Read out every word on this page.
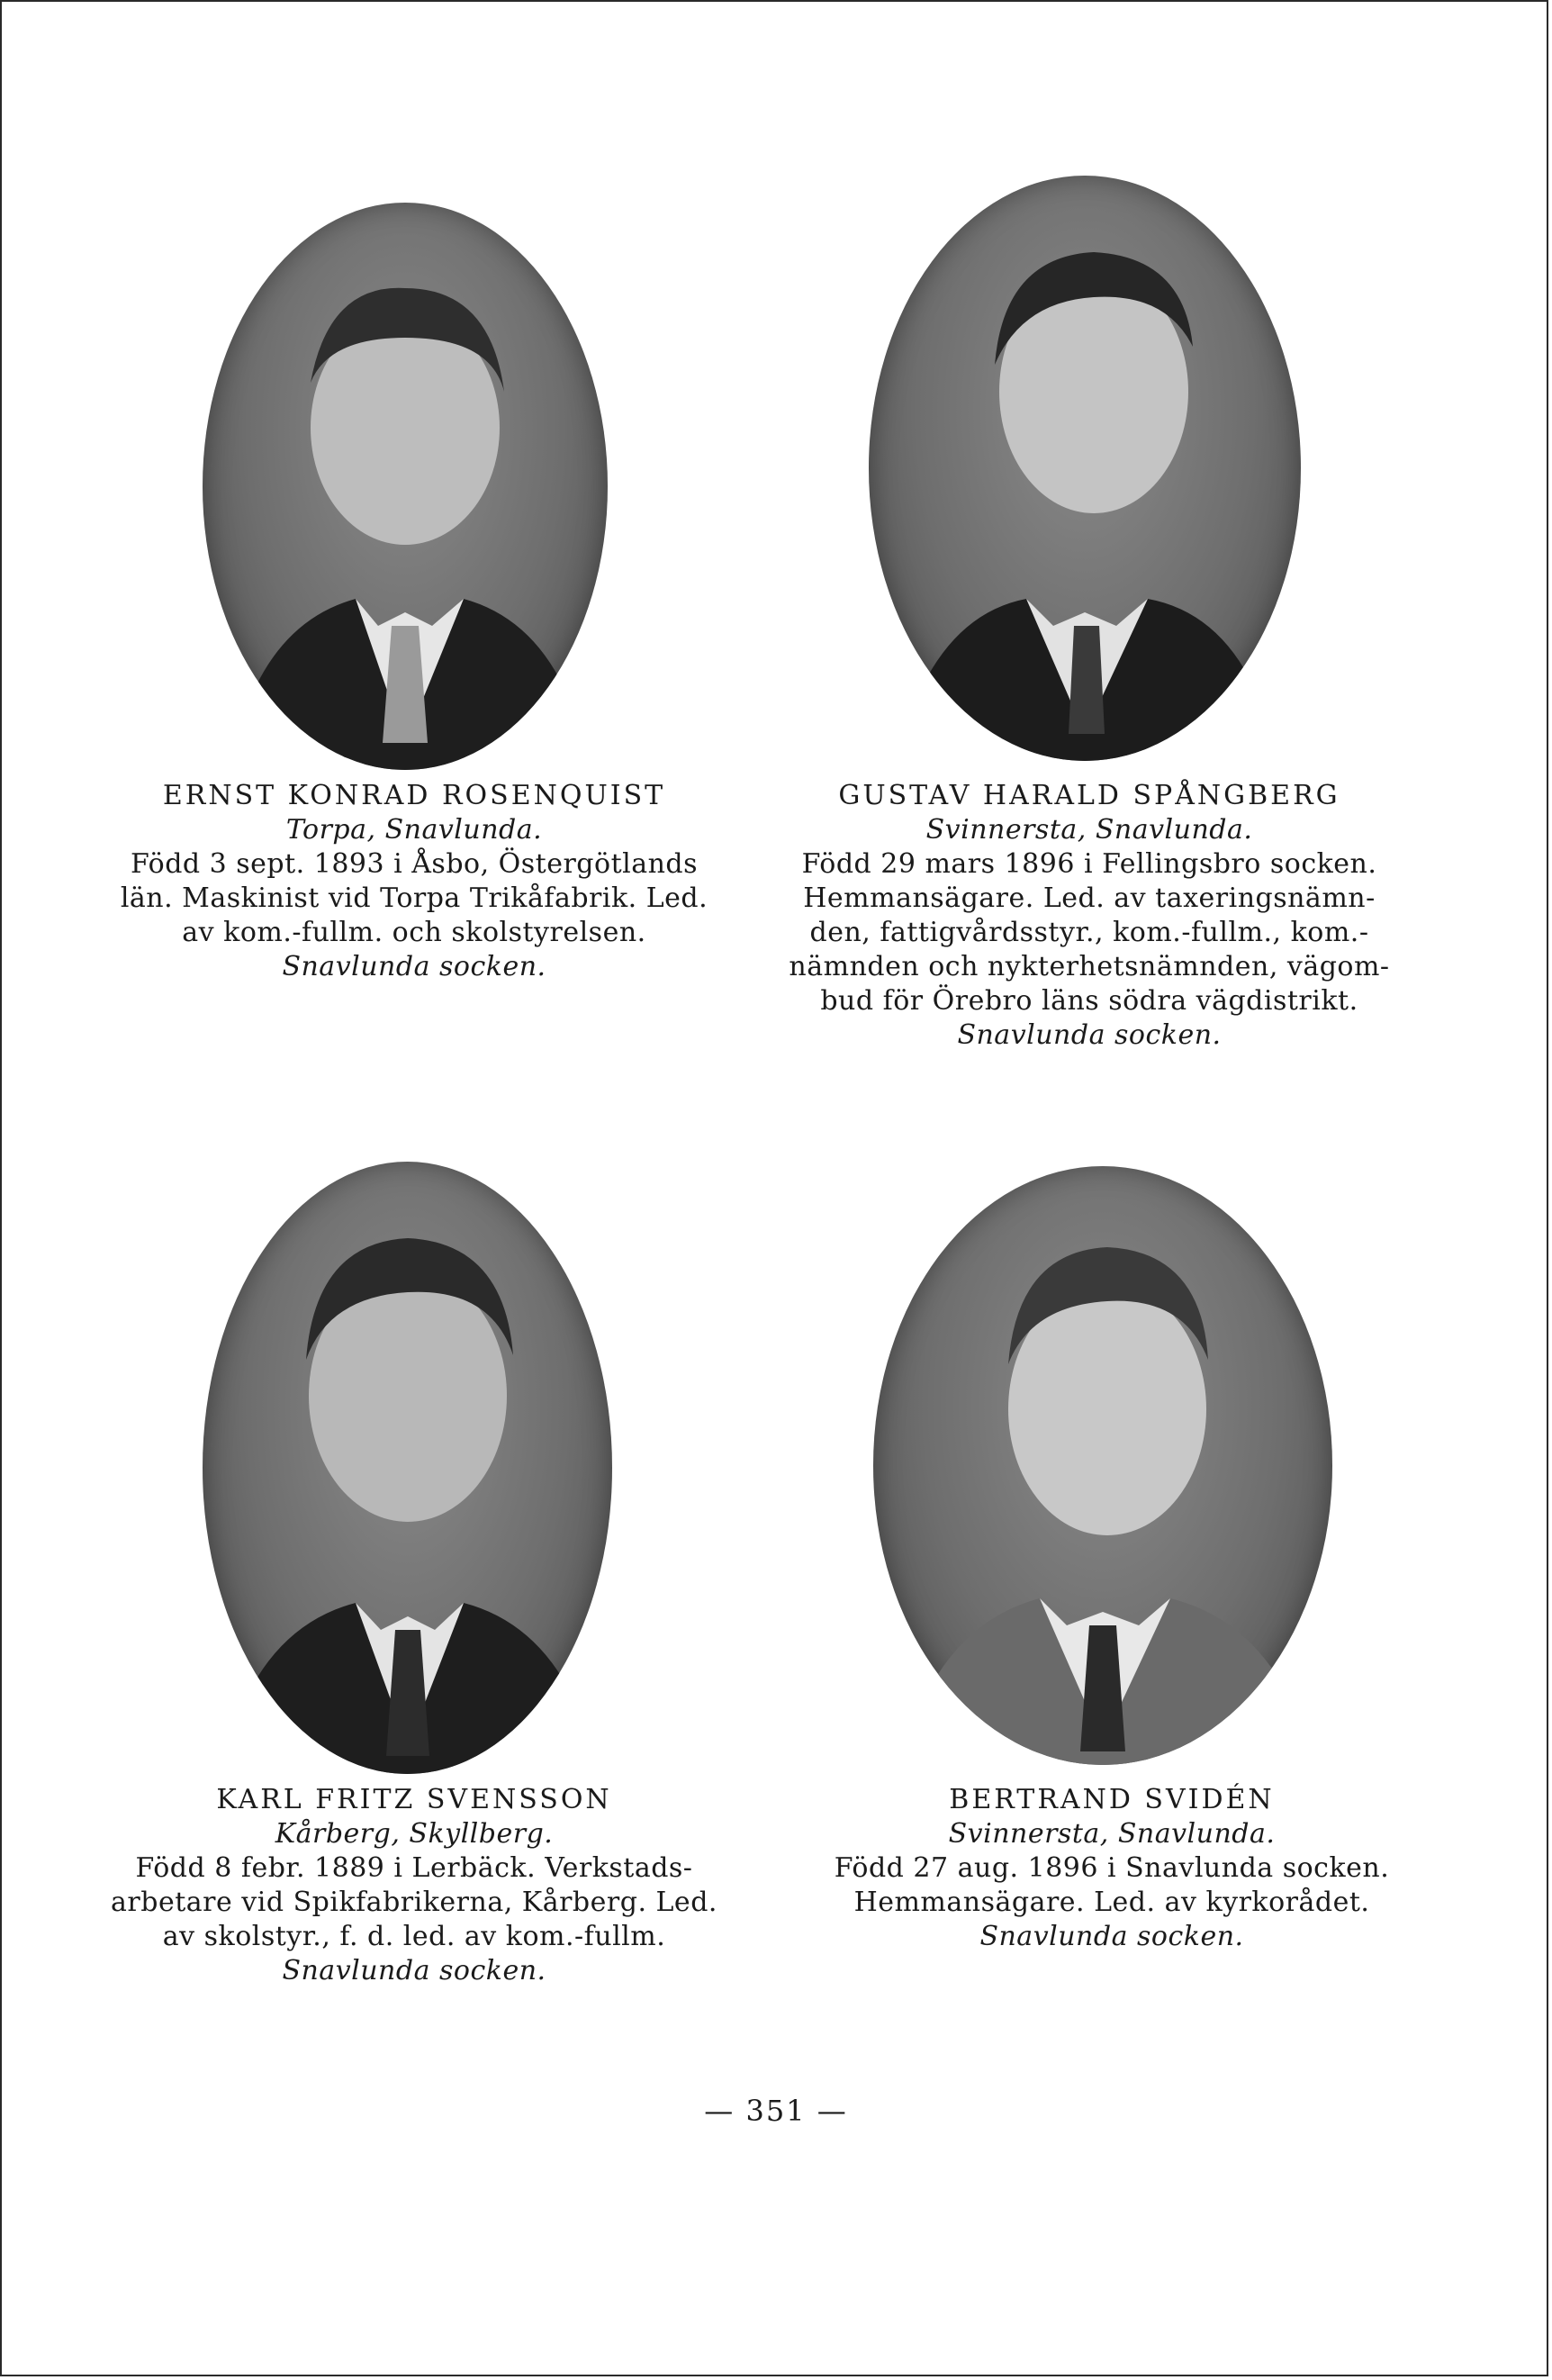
ERNST KONRAD ROSENQUIST
Torpa, Snavlunda.
Född 3 sept. 1893 i Åsbo, Östergötlands
län. Maskinist vid Torpa Trikåfabrik. Led.
av kom.-fullm. och skolstyrelsen.
Snavlunda socken.
GUSTAV HARALD SPÅNGBERG
Svinnersta, Snavlunda.
Född 29 mars 1896 i Fellingsbro socken.
Hemmansägare. Led. av taxeringsnämn-
den, fattigvårdsstyr., kom.-fullm., kom.-
nämnden och nykterhetsnämnden, vägom-
bud för Örebro läns södra vägdistrikt.
Snavlunda socken.
KARL FRITZ SVENSSON
Kårberg, Skyllberg.
Född 8 febr. 1889 i Lerbäck. Verkstads-
arbetare vid Spikfabrikerna, Kårberg. Led.
av skolstyr., f. d. led. av kom.-fullm.
Snavlunda socken.
BERTRAND SVIDÉN
Svinnersta, Snavlunda.
Född 27 aug. 1896 i Snavlunda socken.
Hemmansägare. Led. av kyrkorådet.
Snavlunda socken.
— 351 —
